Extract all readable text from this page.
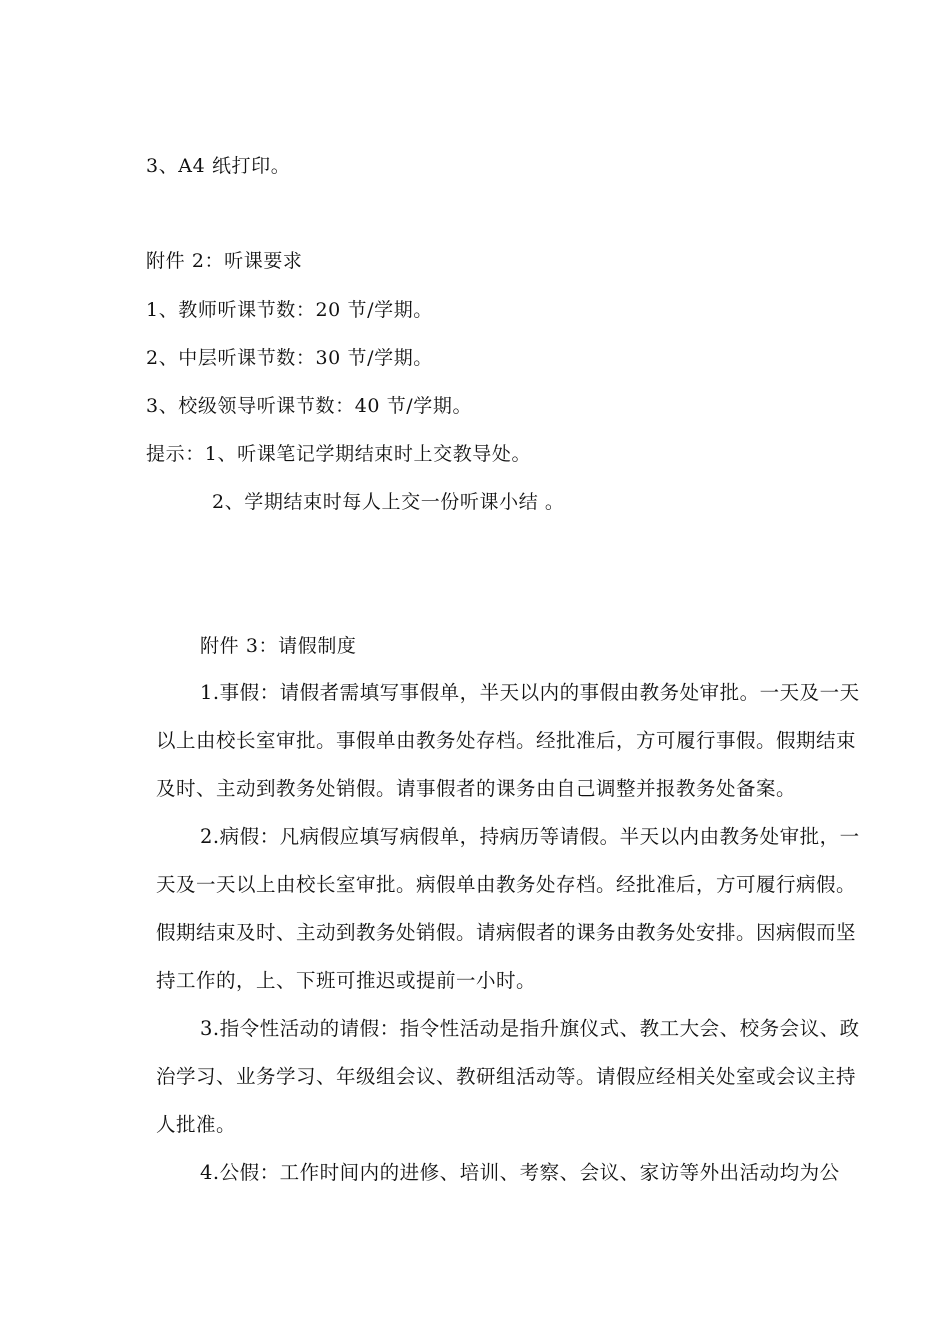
3、A4 纸打印。
附件 2：听课要求
1、教师听课节数：20 节/学期。
2、中层听课节数：30 节/学期。
3、校级领导听课节数：40 节/学期。
提示：1、听课笔记学期结束时上交教导处。
2、学期结束时每人上交一份听课小结 。
附件 3：请假制度
1.事假：请假者需填写事假单，半天以内的事假由教务处审批。一天及一天
以上由校长室审批。事假单由教务处存档。经批准后，方可履行事假。假期结束
及时、主动到教务处销假。请事假者的课务由自己调整并报教务处备案。
2.病假：凡病假应填写病假单，持病历等请假。半天以内由教务处审批，一
天及一天以上由校长室审批。病假单由教务处存档。经批准后，方可履行病假。
假期结束及时、主动到教务处销假。请病假者的课务由教务处安排。因病假而坚
持工作的，上、下班可推迟或提前一小时。
3.指令性活动的请假：指令性活动是指升旗仪式、教工大会、校务会议、政
治学习、业务学习、年级组会议、教研组活动等。请假应经相关处室或会议主持
人批准。
4.公假：工作时间内的进修、培训、考察、会议、家访等外出活动均为公
